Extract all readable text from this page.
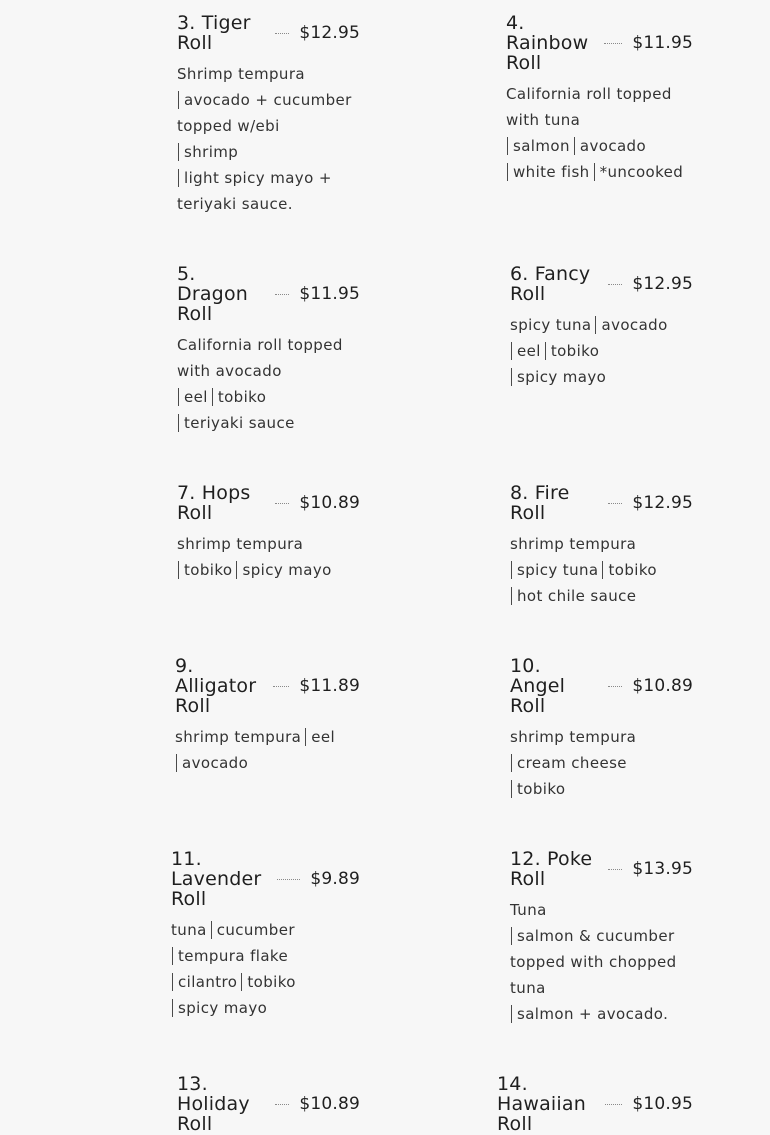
3. Tiger Roll	$12.95
Shrimp tempura
avocado + cucumber
topped w/ebi
shrimp
light spicy mayo +
teriyaki sauce.
4. Rainbow Roll
$11.95
California roll topped
with tuna
salmon avocado
white fish *uncooked
5. Dragon Roll
$11.95
California roll topped
with avocado
eel tobiko
teriyaki sauce
6. Fancy Roll	$12.95
spicy tuna avocado
eel tobiko
spicy mayo
7. Hops Roll	$10.89
shrimp tempura
tobiko spicy mayo
8. Fire Roll	$12.95
shrimp tempura
spicy tuna tobiko
hot chile sauce
9. Alligator Roll
$11.89
shrimp tempura eel
avocado
10. Angel Roll
$10.89
shrimp tempura
cream cheese
tobiko
11. Lavender Roll
$9.89
tuna cucumber
tempura flake
cilantro tobiko
spicy mayo
12. Poke Roll	$13.95
Tuna
salmon & cucumber
topped with chopped
tuna
salmon + avocado.
13. Holiday Roll
$10.89
14. Hawaiian Roll
$10.95
